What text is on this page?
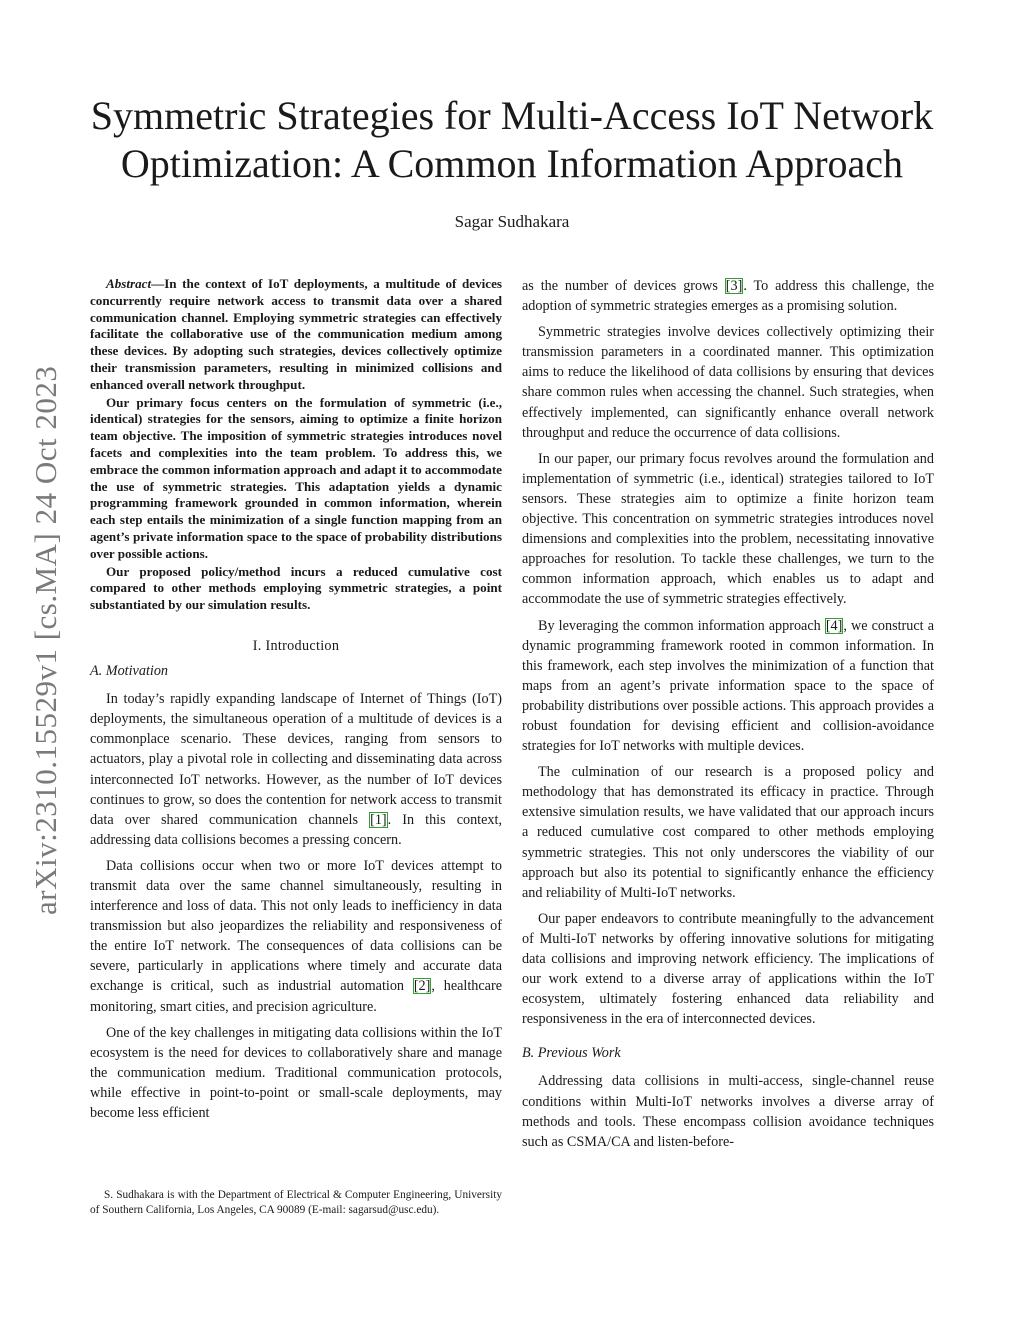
arXiv:2310.15529v1 [cs.MA] 24 Oct 2023
Symmetric Strategies for Multi-Access IoT Network
Optimization: A Common Information Approach
Sagar Sudhakara

Abstract—In the context of IoT deployments, a multitude of devices concurrently require network access to transmit data over a shared communication channel. Employing symmetric strategies can effectively facilitate the collaborative use of the communication medium among these devices. By adopting such strategies, devices collectively optimize their transmission parameters, resulting in minimized collisions and enhanced overall network throughput.

Our primary focus centers on the formulation of symmetric (i.e., identical) strategies for the sensors, aiming to optimize a finite horizon team objective. The imposition of symmetric strategies introduces novel facets and complexities into the team problem. To address this, we embrace the common information approach and adapt it to accommodate the use of symmetric strategies. This adaptation yields a dynamic programming framework grounded in common information, wherein each step entails the minimization of a single function mapping from an agent’s private information space to the space of probability distributions over possible actions.

Our proposed policy/method incurs a reduced cumulative cost compared to other methods employing symmetric strategies, a point substantiated by our simulation results.

I. Introduction
A. Motivation

In today’s rapidly expanding landscape of Internet of Things (IoT) deployments, the simultaneous operation of a multitude of devices is a commonplace scenario. These devices, ranging from sensors to actuators, play a pivotal role in collecting and disseminating data across interconnected IoT networks. However, as the number of IoT devices continues to grow, so does the contention for network access to transmit data over shared communication channels [1]. In this context, addressing data collisions becomes a pressing concern.

Data collisions occur when two or more IoT devices attempt to transmit data over the same channel simultaneously, resulting in interference and loss of data. This not only leads to inefficiency in data transmission but also jeopardizes the reliability and responsiveness of the entire IoT network. The consequences of data collisions can be severe, particularly in applications where timely and accurate data exchange is critical, such as industrial automation [2], healthcare monitoring, smart cities, and precision agriculture.

One of the key challenges in mitigating data collisions within the IoT ecosystem is the need for devices to collaboratively share and manage the communication medium. Traditional communication protocols, while effective in point-to-point or small-scale deployments, may become less efficient

as the number of devices grows [3]. To address this challenge, the adoption of symmetric strategies emerges as a promising solution.

Symmetric strategies involve devices collectively optimizing their transmission parameters in a coordinated manner. This optimization aims to reduce the likelihood of data collisions by ensuring that devices share common rules when accessing the channel. Such strategies, when effectively implemented, can significantly enhance overall network throughput and reduce the occurrence of data collisions.

In our paper, our primary focus revolves around the formulation and implementation of symmetric (i.e., identical) strategies tailored to IoT sensors. These strategies aim to optimize a finite horizon team objective. This concentration on symmetric strategies introduces novel dimensions and complexities into the problem, necessitating innovative approaches for resolution. To tackle these challenges, we turn to the common information approach, which enables us to adapt and accommodate the use of symmetric strategies effectively.

By leveraging the common information approach [4], we construct a dynamic programming framework rooted in common information. In this framework, each step involves the minimization of a function that maps from an agent’s private information space to the space of probability distributions over possible actions. This approach provides a robust foundation for devising efficient and collision-avoidance strategies for IoT networks with multiple devices.

The culmination of our research is a proposed policy and methodology that has demonstrated its efficacy in practice. Through extensive simulation results, we have validated that our approach incurs a reduced cumulative cost compared to other methods employing symmetric strategies. This not only underscores the viability of our approach but also its potential to significantly enhance the efficiency and reliability of Multi-IoT networks.

Our paper endeavors to contribute meaningfully to the advancement of Multi-IoT networks by offering innovative solutions for mitigating data collisions and improving network efficiency. The implications of our work extend to a diverse array of applications within the IoT ecosystem, ultimately fostering enhanced data reliability and responsiveness in the era of interconnected devices.

B. Previous Work

Addressing data collisions in multi-access, single-channel reuse conditions within Multi-IoT networks involves a diverse array of methods and tools. These encompass collision avoidance techniques such as CSMA/CA and listen-before-

S. Sudhakara is with the Department of Electrical & Computer Engineering, University of Southern California, Los Angeles, CA 90089 (E-mail: sagarsud@usc.edu).
